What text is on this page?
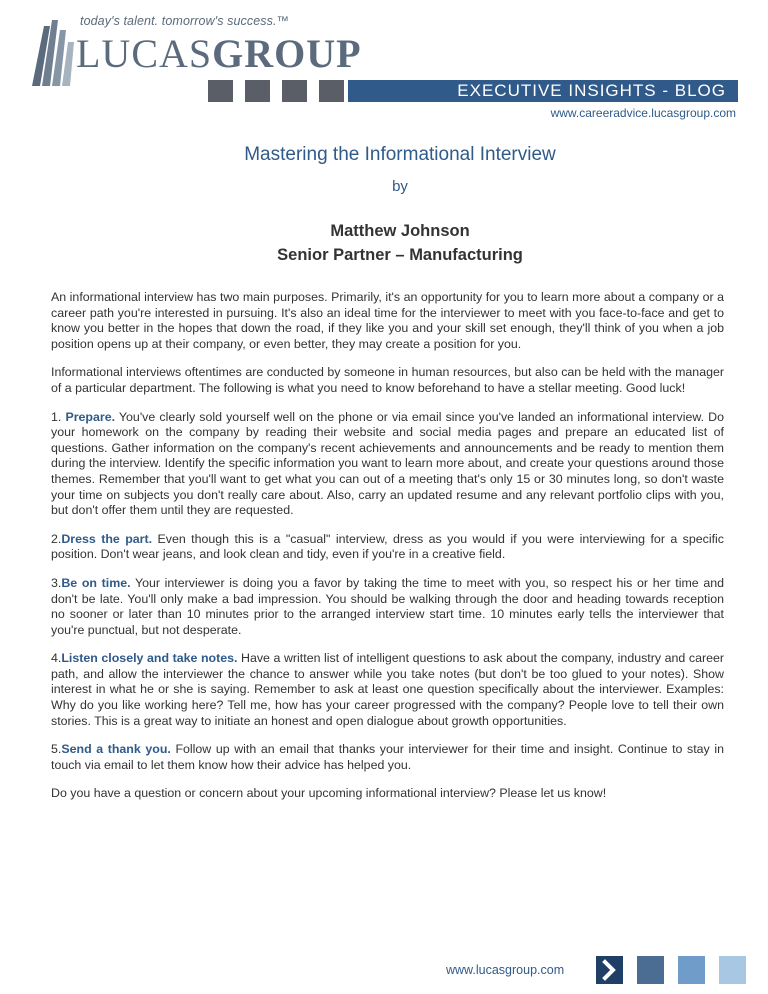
today's talent. tomorrow's success.™
LUCASGROUP
EXECUTIVE INSIGHTS - BLOG
www.careeradvice.lucasgroup.com
Mastering the Informational Interview
by
Matthew Johnson
Senior Partner – Manufacturing

An informational interview has two main purposes. Primarily, it's an opportunity for you to learn more about a company or a career path you're interested in pursuing. It's also an ideal time for the interviewer to meet with you face-to-face and get to know you better in the hopes that down the road, if they like you and your skill set enough, they'll think of you when a job position opens up at their company, or even better, they may create a position for you.

Informational interviews oftentimes are conducted by someone in human resources, but also can be held with the manager of a particular department. The following is what you need to know beforehand to have a stellar meeting. Good luck!

1. Prepare. You've clearly sold yourself well on the phone or via email since you've landed an informational interview. Do your homework on the company by reading their website and social media pages and prepare an educated list of questions. Gather information on the company's recent achievements and announcements and be ready to mention them during the interview. Identify the specific information you want to learn more about, and create your questions around those themes. Remember that you'll want to get what you can out of a meeting that's only 15 or 30 minutes long, so don't waste your time on subjects you don't really care about. Also, carry an updated resume and any relevant portfolio clips with you, but don't offer them until they are requested.

2.Dress the part. Even though this is a "casual" interview, dress as you would if you were interviewing for a specific position. Don't wear jeans, and look clean and tidy, even if you're in a creative field.

3.Be on time. Your interviewer is doing you a favor by taking the time to meet with you, so respect his or her time and don't be late. You'll only make a bad impression. You should be walking through the door and heading towards reception no sooner or later than 10 minutes prior to the arranged interview start time. 10 minutes early tells the interviewer that you're punctual, but not desperate.

4.Listen closely and take notes. Have a written list of intelligent questions to ask about the company, industry and career path, and allow the interviewer the chance to answer while you take notes (but don't be too glued to your notes). Show interest in what he or she is saying. Remember to ask at least one question specifically about the interviewer. Examples: Why do you like working here? Tell me, how has your career progressed with the company? People love to tell their own stories. This is a great way to initiate an honest and open dialogue about growth opportunities.

5.Send a thank you. Follow up with an email that thanks your interviewer for their time and insight. Continue to stay in touch via email to let them know how their advice has helped you.

Do you have a question or concern about your upcoming informational interview? Please let us know!

www.lucasgroup.com
